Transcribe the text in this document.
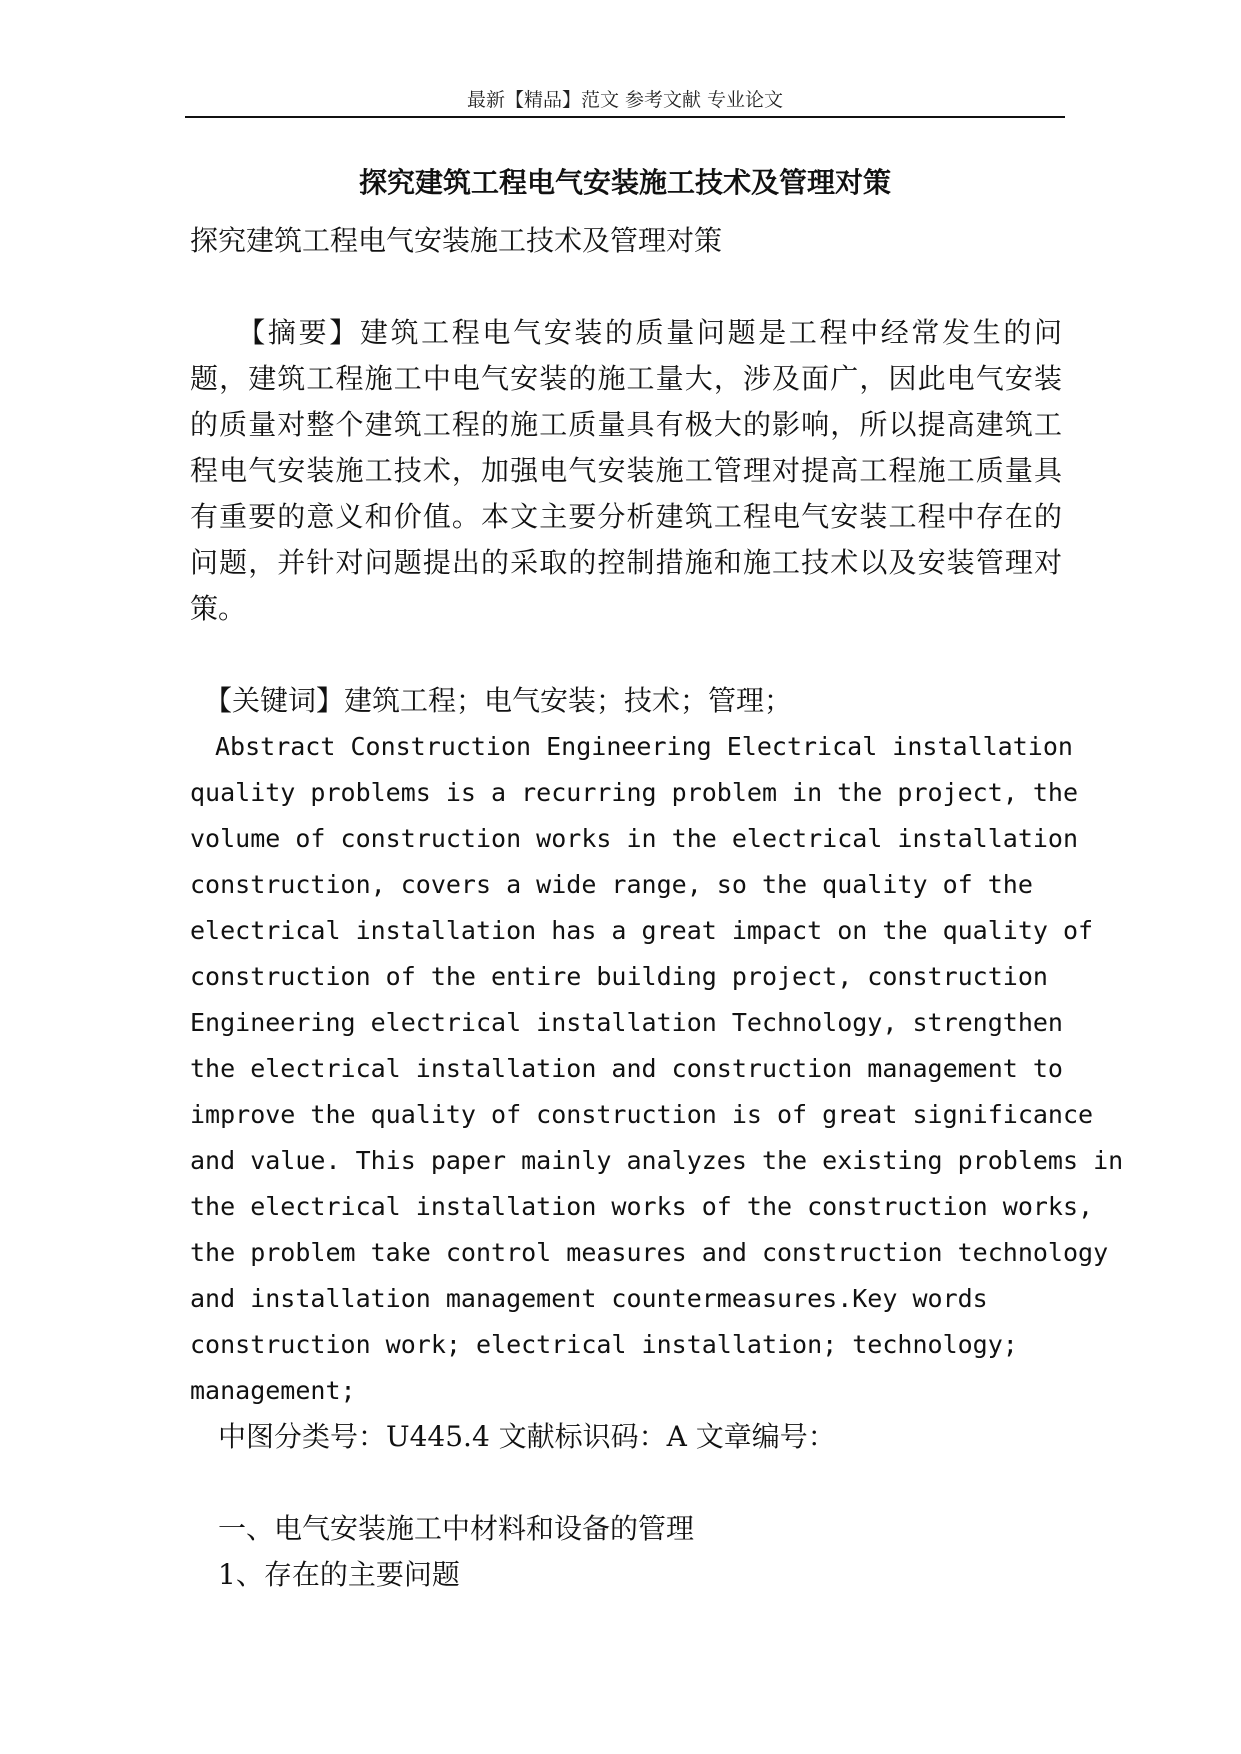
最新【精品】范文 参考文献 专业论文
探究建筑工程电气安装施工技术及管理对策
探究建筑工程电气安装施工技术及管理对策
　　【摘要】建筑工程电气安装的质量问题是工程中经常发生的问
题，建筑工程施工中电气安装的施工量大，涉及面广，因此电气安装
的质量对整个建筑工程的施工质量具有极大的影响，所以提高建筑工
程电气安装施工技术，加强电气安装施工管理对提高工程施工质量具
有重要的意义和价值。本文主要分析建筑工程电气安装工程中存在的
问题，并针对问题提出的采取的控制措施和施工技术以及安装管理对
策。
　【关键词】建筑工程；电气安装；技术；管理；
　Abstract Construction Engineering Electrical installation
quality problems is a recurring problem in the project, the
volume of construction works in the electrical installation
construction, covers a wide range, so the quality of the
electrical installation has a great impact on the quality of
construction of the entire building project, construction
Engineering electrical installation Technology, strengthen
the electrical installation and construction management to
improve the quality of construction is of great significance
and value. This paper mainly analyzes the existing problems in
the electrical installation works of the construction works,
the problem take control measures and construction technology
and installation management countermeasures.Key words
construction work; electrical installation; technology;
management;
　中图分类号：U445.4 文献标识码：A 文章编号：
　一、电气安装施工中材料和设备的管理
　1、存在的主要问题
